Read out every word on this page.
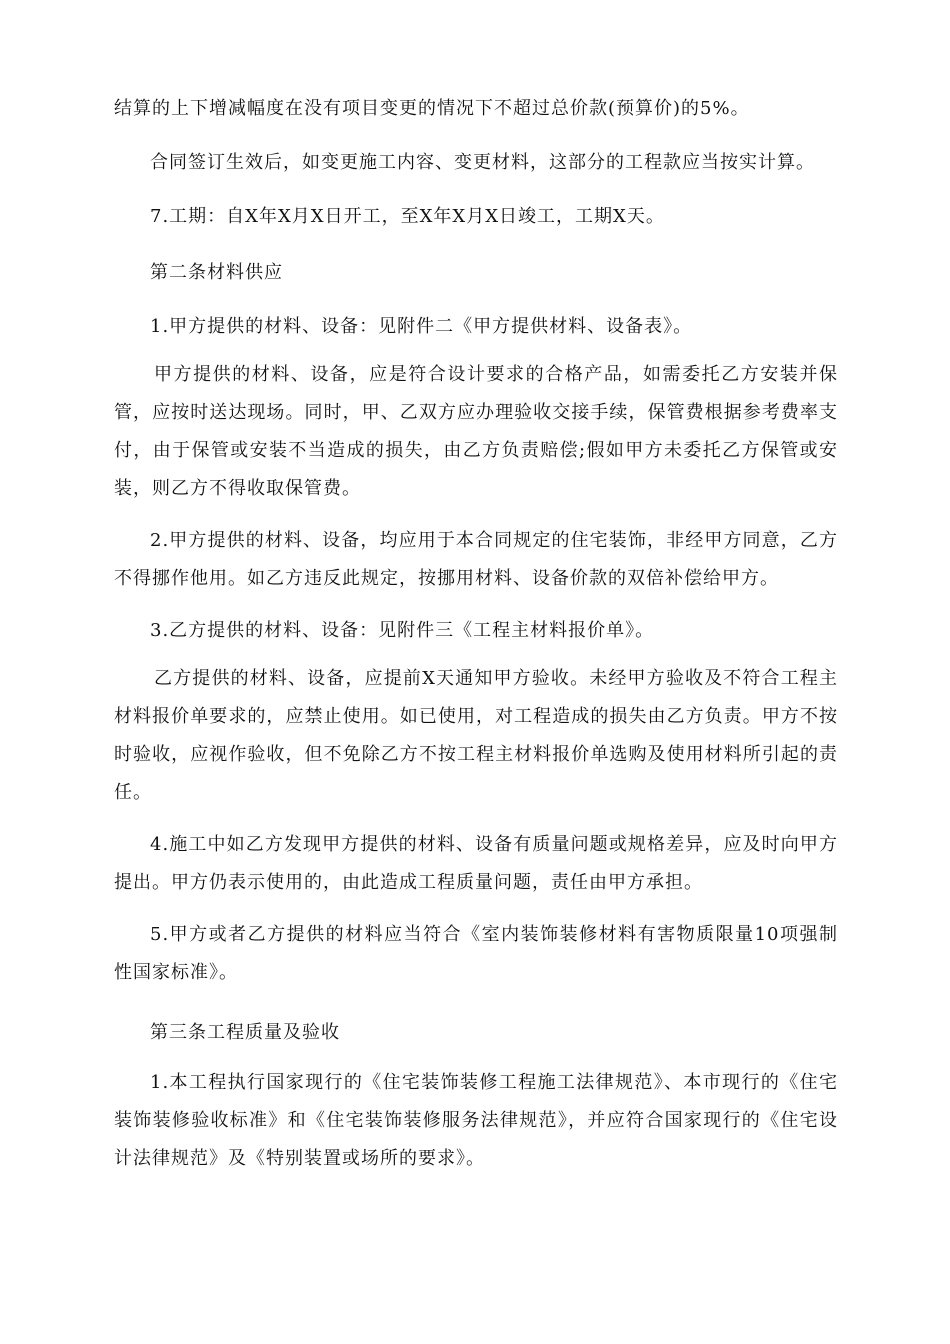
结算的上下增减幅度在没有项目变更的情况下不超过总价款(预算价)的5%。

合同签订生效后，如变更施工内容、变更材料，这部分的工程款应当按实计算。

7.工期：自X年X月X日开工，至X年X月X日竣工，工期X天。

第二条材料供应

1.甲方提供的材料、设备：见附件二《甲方提供材料、设备表》。

甲方提供的材料、设备，应是符合设计要求的合格产品，如需委托乙方安装并保管，应按时送达现场。同时，甲、乙双方应办理验收交接手续，保管费根据参考费率支付，由于保管或安装不当造成的损失，由乙方负责赔偿;假如甲方未委托乙方保管或安装，则乙方不得收取保管费。

2.甲方提供的材料、设备，均应用于本合同规定的住宅装饰，非经甲方同意，乙方不得挪作他用。如乙方违反此规定，按挪用材料、设备价款的双倍补偿给甲方。

3.乙方提供的材料、设备：见附件三《工程主材料报价单》。

乙方提供的材料、设备，应提前X天通知甲方验收。未经甲方验收及不符合工程主材料报价单要求的，应禁止使用。如已使用，对工程造成的损失由乙方负责。甲方不按时验收，应视作验收，但不免除乙方不按工程主材料报价单选购及使用材料所引起的责任。

4.施工中如乙方发现甲方提供的材料、设备有质量问题或规格差异，应及时向甲方提出。甲方仍表示使用的，由此造成工程质量问题，责任由甲方承担。

5.甲方或者乙方提供的材料应当符合《室内装饰装修材料有害物质限量10项强制性国家标准》。

第三条工程质量及验收

1.本工程执行国家现行的《住宅装饰装修工程施工法律规范》、本市现行的《住宅装饰装修验收标准》和《住宅装饰装修服务法律规范》，并应符合国家现行的《住宅设计法律规范》及《特别装置或场所的要求》。
